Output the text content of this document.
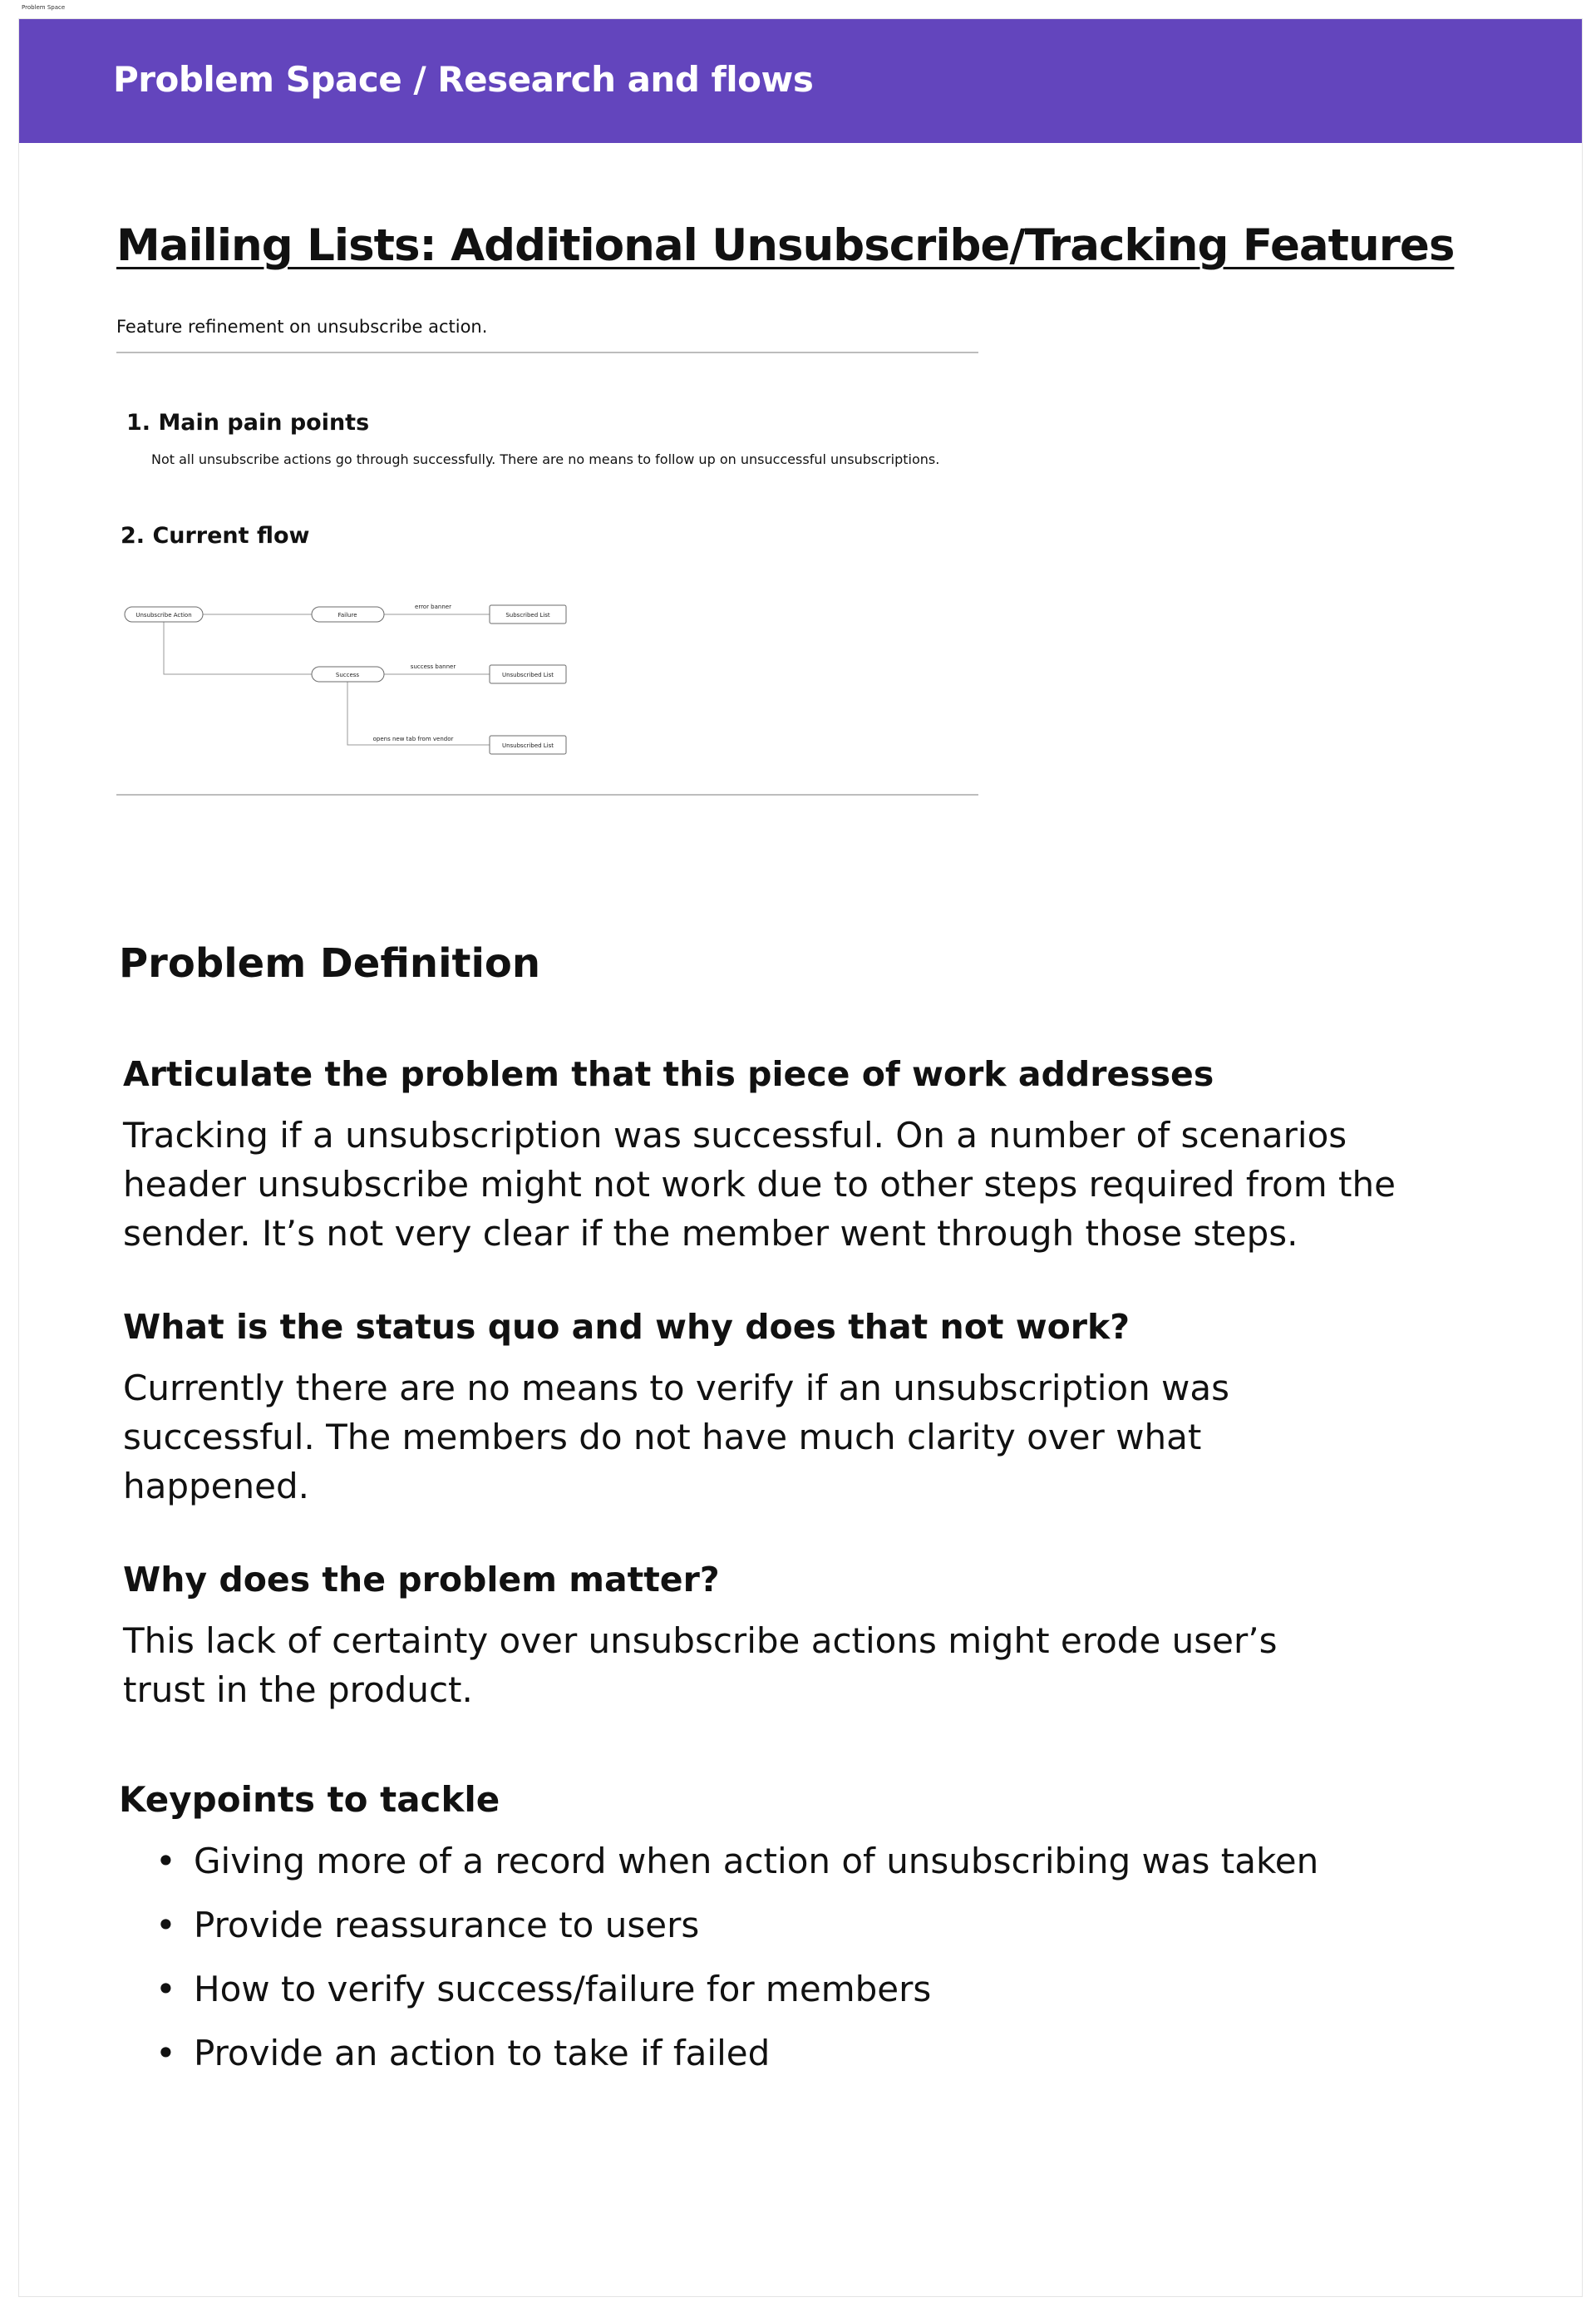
Problem Space
Problem Space / Research and flows
Mailing Lists: Additional Unsubscribe/Tracking Features
Feature refinement on unsubscribe action.
1. Main pain points
Not all unsubscribe actions go through successfully. There are no means to follow up on unsuccessful unsubscriptions.
2. Current flow
Unsubscribe Action	Failure
Success
Subscribed List
Unsubscribed List
Unsubscribed List
error banner
success banner
opens new tab from vendor
Problem Definition
Articulate the problem that this piece of work addresses

Tracking if a unsubscription was successful. On a number of scenarios header unsubscribe might not work due to other steps required from the sender. It’s not very clear if the member went through those steps.

What is the status quo and why does that not work?

Currently there are no means to verify if an unsubscription was successful. The members do not have much clarity over what happened.

Why does the problem matter?

This lack of certainty over unsubscribe actions might erode user’s trust in the product.

Keypoints to tackle
• Giving more of a record when action of unsubscribing was taken
• Provide reassurance to users
• How to verify success/failure for members
• Provide an action to take if failed
